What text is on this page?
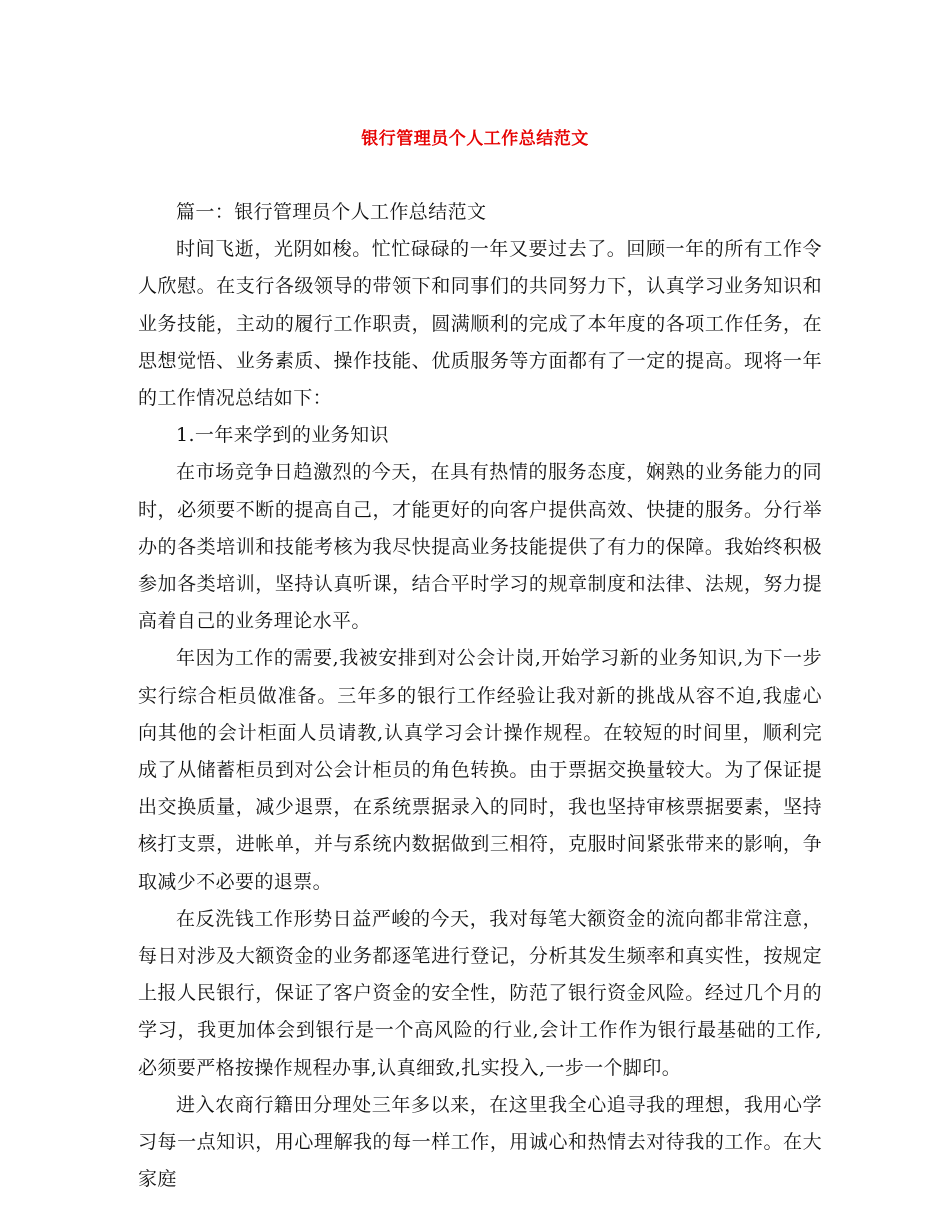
银行管理员个人工作总结范文

篇一：银行管理员个人工作总结范文

时间飞逝，光阴如梭。忙忙碌碌的一年又要过去了。回顾一年的所有工作令人欣慰。在支行各级领导的带领下和同事们的共同努力下，认真学习业务知识和业务技能，主动的履行工作职责，圆满顺利的完成了本年度的各项工作任务，在思想觉悟、业务素质、操作技能、优质服务等方面都有了一定的提高。现将一年的工作情况总结如下：

1.一年来学到的业务知识

在市场竞争日趋激烈的今天，在具有热情的服务态度，娴熟的业务能力的同时，必须要不断的提高自己，才能更好的向客户提供高效、快捷的服务。分行举办的各类培训和技能考核为我尽快提高业务技能提供了有力的保障。我始终积极参加各类培训，坚持认真听课，结合平时学习的规章制度和法律、法规，努力提高着自己的业务理论水平。

年因为工作的需要,我被安排到对公会计岗,开始学习新的业务知识,为下一步实行综合柜员做准备。三年多的银行工作经验让我对新的挑战从容不迫,我虚心向其他的会计柜面人员请教,认真学习会计操作规程。在较短的时间里，顺利完成了从储蓄柜员到对公会计柜员的角色转换。由于票据交换量较大。为了保证提出交换质量，减少退票，在系统票据录入的同时，我也坚持审核票据要素，坚持核打支票，进帐单，并与系统内数据做到三相符，克服时间紧张带来的影响，争取减少不必要的退票。

在反洗钱工作形势日益严峻的今天，我对每笔大额资金的流向都非常注意，每日对涉及大额资金的业务都逐笔进行登记，分析其发生频率和真实性，按规定上报人民银行，保证了客户资金的安全性，防范了银行资金风险。经过几个月的学习，我更加体会到银行是一个高风险的行业,会计工作作为银行最基础的工作,必须要严格按操作规程办事,认真细致,扎实投入,一步一个脚印。

进入农商行籍田分理处三年多以来，在这里我全心追寻我的理想，我用心学习每一点知识，用心理解我的每一样工作，用诚心和热情去对待我的工作。在大家庭
